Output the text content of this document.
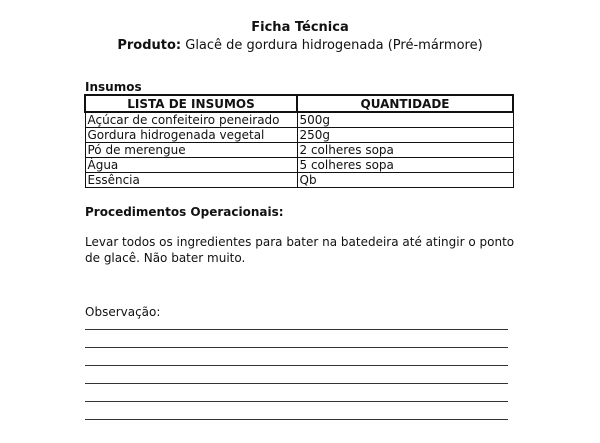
Ficha Técnica
Produto: Glacê de gordura hidrogenada (Pré-mármore)
Insumos
LISTA DE INSUMOS	QUANTIDADE
Açúcar de confeiteiro peneirado	500g
Gordura hidrogenada vegetal	250g
Pó de merengue	2 colheres sopa
Água	5 colheres sopa
Essência	Qb
Procedimentos Operacionais:
Levar todos os ingredientes para bater na batedeira até atingir o ponto de glacê. Não bater muito.
Observação:
